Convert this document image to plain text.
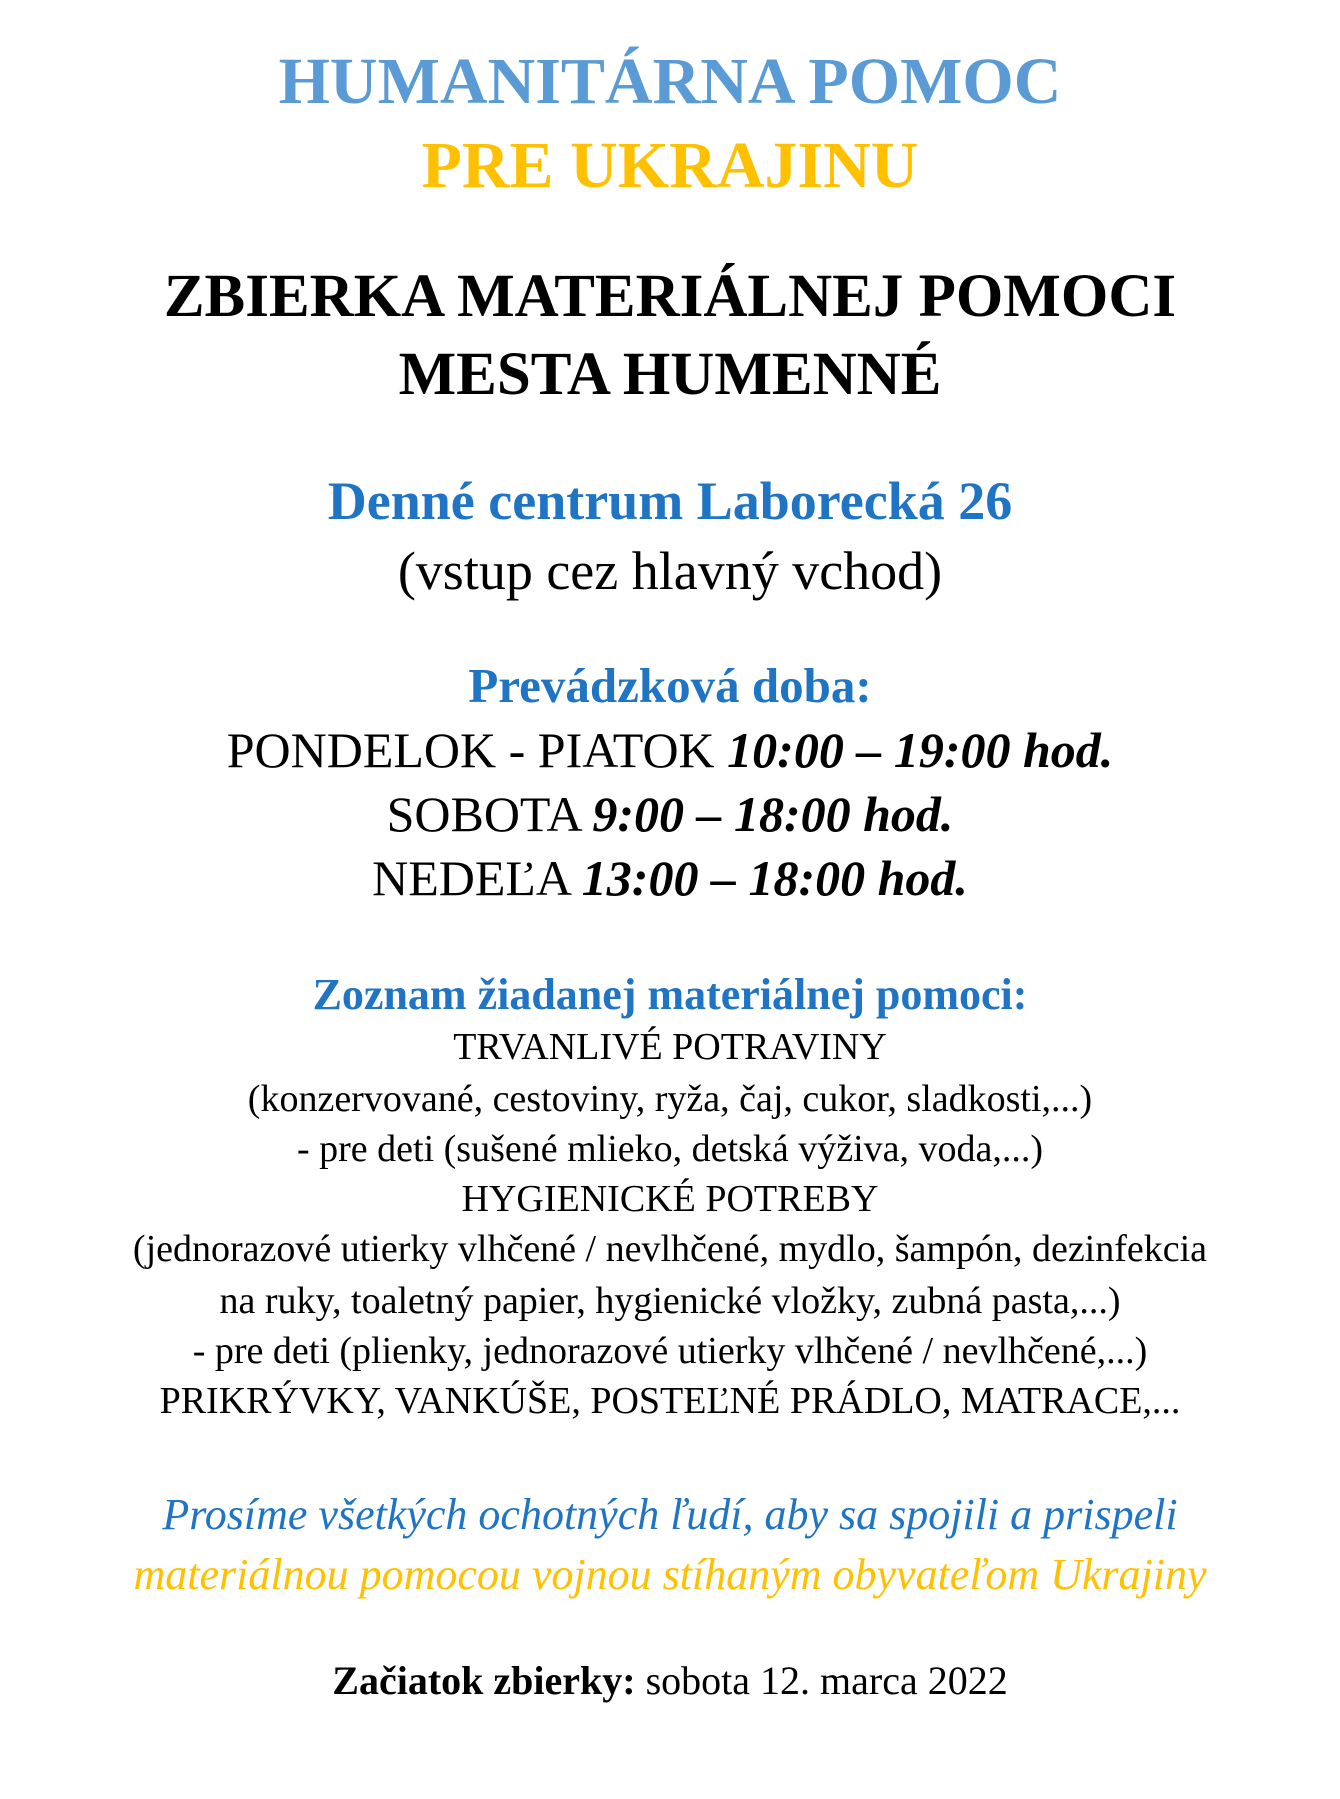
HUMANITÁRNA POMOC

PRE UKRAJINU

ZBIERKA MATERIÁLNEJ POMOCI

MESTA HUMENNÉ

Denné centrum Laborecká 26

(vstup cez hlavný vchod)

Prevádzková doba:

PONDELOK - PIATOK 10:00 – 19:00 hod.

SOBOTA 9:00 – 18:00 hod.

NEDEĽA 13:00 – 18:00 hod.

Zoznam žiadanej materiálnej pomoci:

TRVANLIVÉ POTRAVINY

(konzervované, cestoviny, ryža, čaj, cukor, sladkosti,...)

- pre deti (sušené mlieko, detská výživa, voda,...)

HYGIENICKÉ POTREBY

(jednorazové utierky vlhčené / nevlhčené, mydlo, šampón, dezinfekcia

na ruky, toaletný papier, hygienické vložky, zubná pasta,...)

- pre deti (plienky, jednorazové utierky vlhčené / nevlhčené,...)

PRIKRÝVKY, VANKÚŠE, POSTEĽNÉ PRÁDLO, MATRACE,...

Prosíme všetkých ochotných ľudí, aby sa spojili a prispeli

materiálnou pomocou vojnou stíhaným obyvateľom Ukrajiny

Začiatok zbierky: sobota 12. marca 2022
